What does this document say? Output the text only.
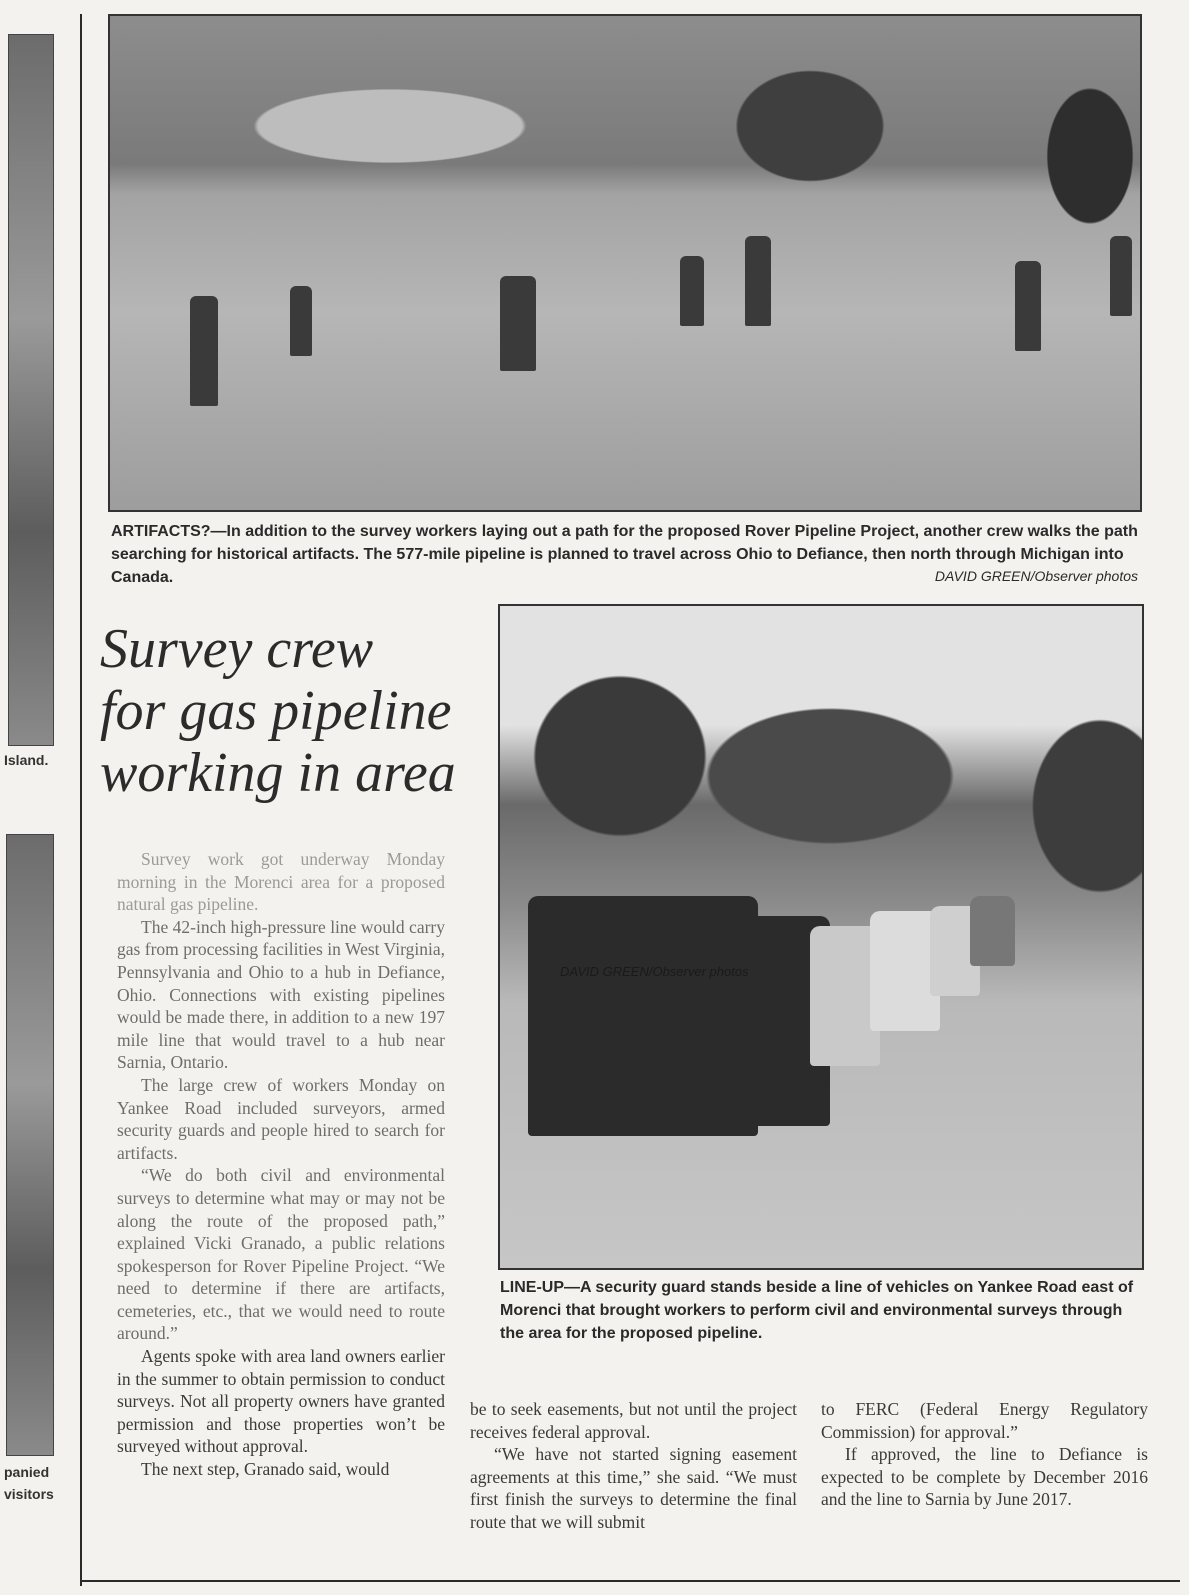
Island.
panied
visitors
ARTIFACTS?—In addition to the survey workers laying out a path for the proposed Rover Pipeline Project, another crew walks the path searching for historical artifacts. The 577-mile pipeline is planned to travel across Ohio to Defiance, then north through Michigan into Canada.	DAVID GREEN/Observer photos
Survey crew
for gas pipeline
working in area
DAVID GREEN/Observer photos
LINE-UP—A security guard stands beside a line of vehicles on Yankee Road east of Morenci that brought workers to perform civil and environmental surveys through the area for the proposed pipeline.

Survey work got underway Monday morning in the Morenci area for a proposed natural gas pipeline.

The 42-inch high-pressure line would carry gas from processing facilities in West Virginia, Pennsylvania and Ohio to a hub in Defiance, Ohio. Connections with existing pipelines would be made there, in addition to a new 197 mile line that would travel to a hub near Sarnia, Ontario.

The large crew of workers Monday on Yankee Road included surveyors, armed security guards and people hired to search for artifacts.

“We do both civil and environmental surveys to determine what may or may not be along the route of the proposed path,” explained Vicki Granado, a public relations spokesperson for Rover Pipeline Project. “We need to determine if there are artifacts, cemeteries, etc., that we would need to route around.”

Agents spoke with area land owners earlier in the summer to obtain permission to conduct surveys. Not all property owners have granted permission and those properties won’t be surveyed without approval.

The next step, Granado said, would

be to seek easements, but not until the project receives federal approval.

“We have not started signing easement agreements at this time,” she said. “We must first finish the surveys to determine the final route that we will submit

to FERC (Federal Energy Regulatory Commission) for approval.”

If approved, the line to Defiance is expected to be complete by December 2016 and the line to Sarnia by June 2017.
